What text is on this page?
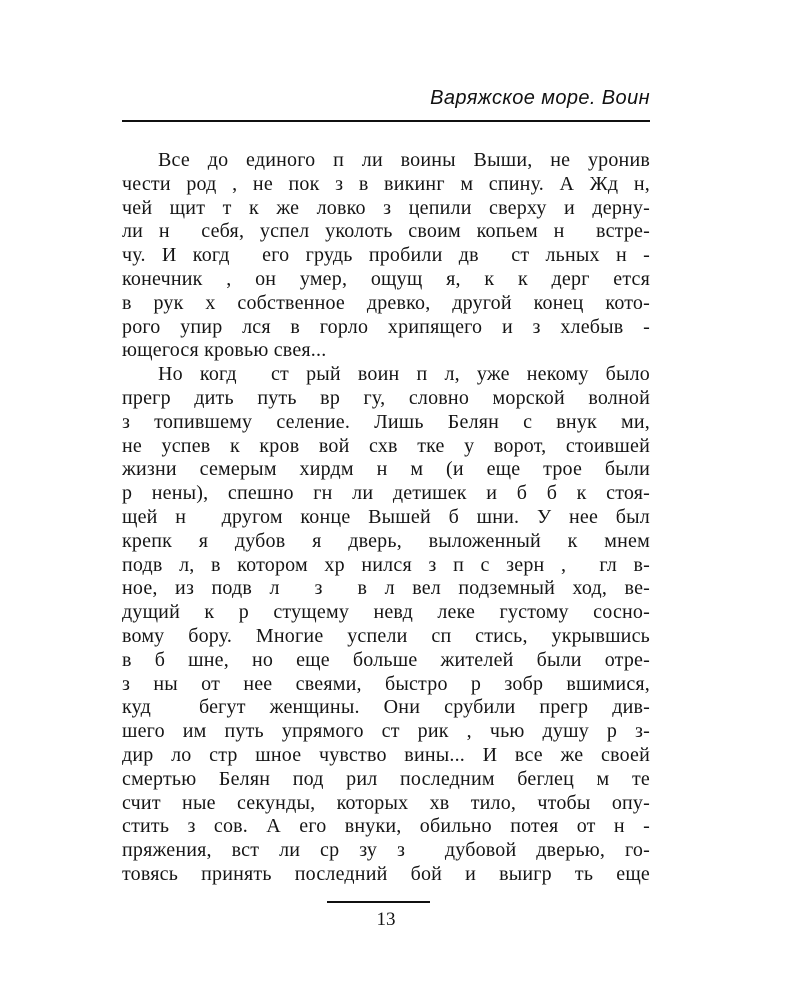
Варяжское море. Воин
Все до единого п ли воины Выши, не уронив
чести род , не пок з в викинг м спину. А Жд н,
чей щит т к же ловко з цепили сверху и дерну-
ли н  себя, успел уколоть своим копьем н  встре-
чу. И когд  его грудь пробили дв  ст льных н -
конечник , он умер, ощущ я, к к дерг ется
в рук х собственное древко, другой конец кото-
рого упир лся в горло хрипящего и з хлебыв -
ющегося кровью свея...
Но когд  ст рый воин п л, уже некому было
прегр дить путь вр гу, словно морской волной
з топившему селение. Лишь Белян с внук ми,
не успев к кров вой схв тке у ворот, стоившей
жизни семерым хирдм н м (и еще трое были
р нены), спешно гн ли детишек и б б к стоя-
щей н  другом конце Вышей б шни. У нее был
крепк я дубов я дверь, выложенный к мнем
подв л, в котором хр нился з п с зерн ,  гл в-
ное, из подв л  з  в л вел подземный ход, ве-
дущий к р стущему невд леке густому сосно-
вому бору. Многие успели сп стись, укрывшись
в б шне, но еще больше жителей были отре-
з ны от нее свеями, быстро р зобр вшимися,
куд  бегут женщины. Они срубили прегр див-
шего им путь упрямого ст рик , чью душу р з-
дир ло стр шное чувство вины... И все же своей
смертью Белян под рил последним беглец м те
счит ные секунды, которых хв тило, чтобы опу-
стить з сов. А его внуки, обильно потея от н -
пряжения, вст ли ср зу з  дубовой дверью, го-
товясь принять последний бой и выигр ть еще
13
